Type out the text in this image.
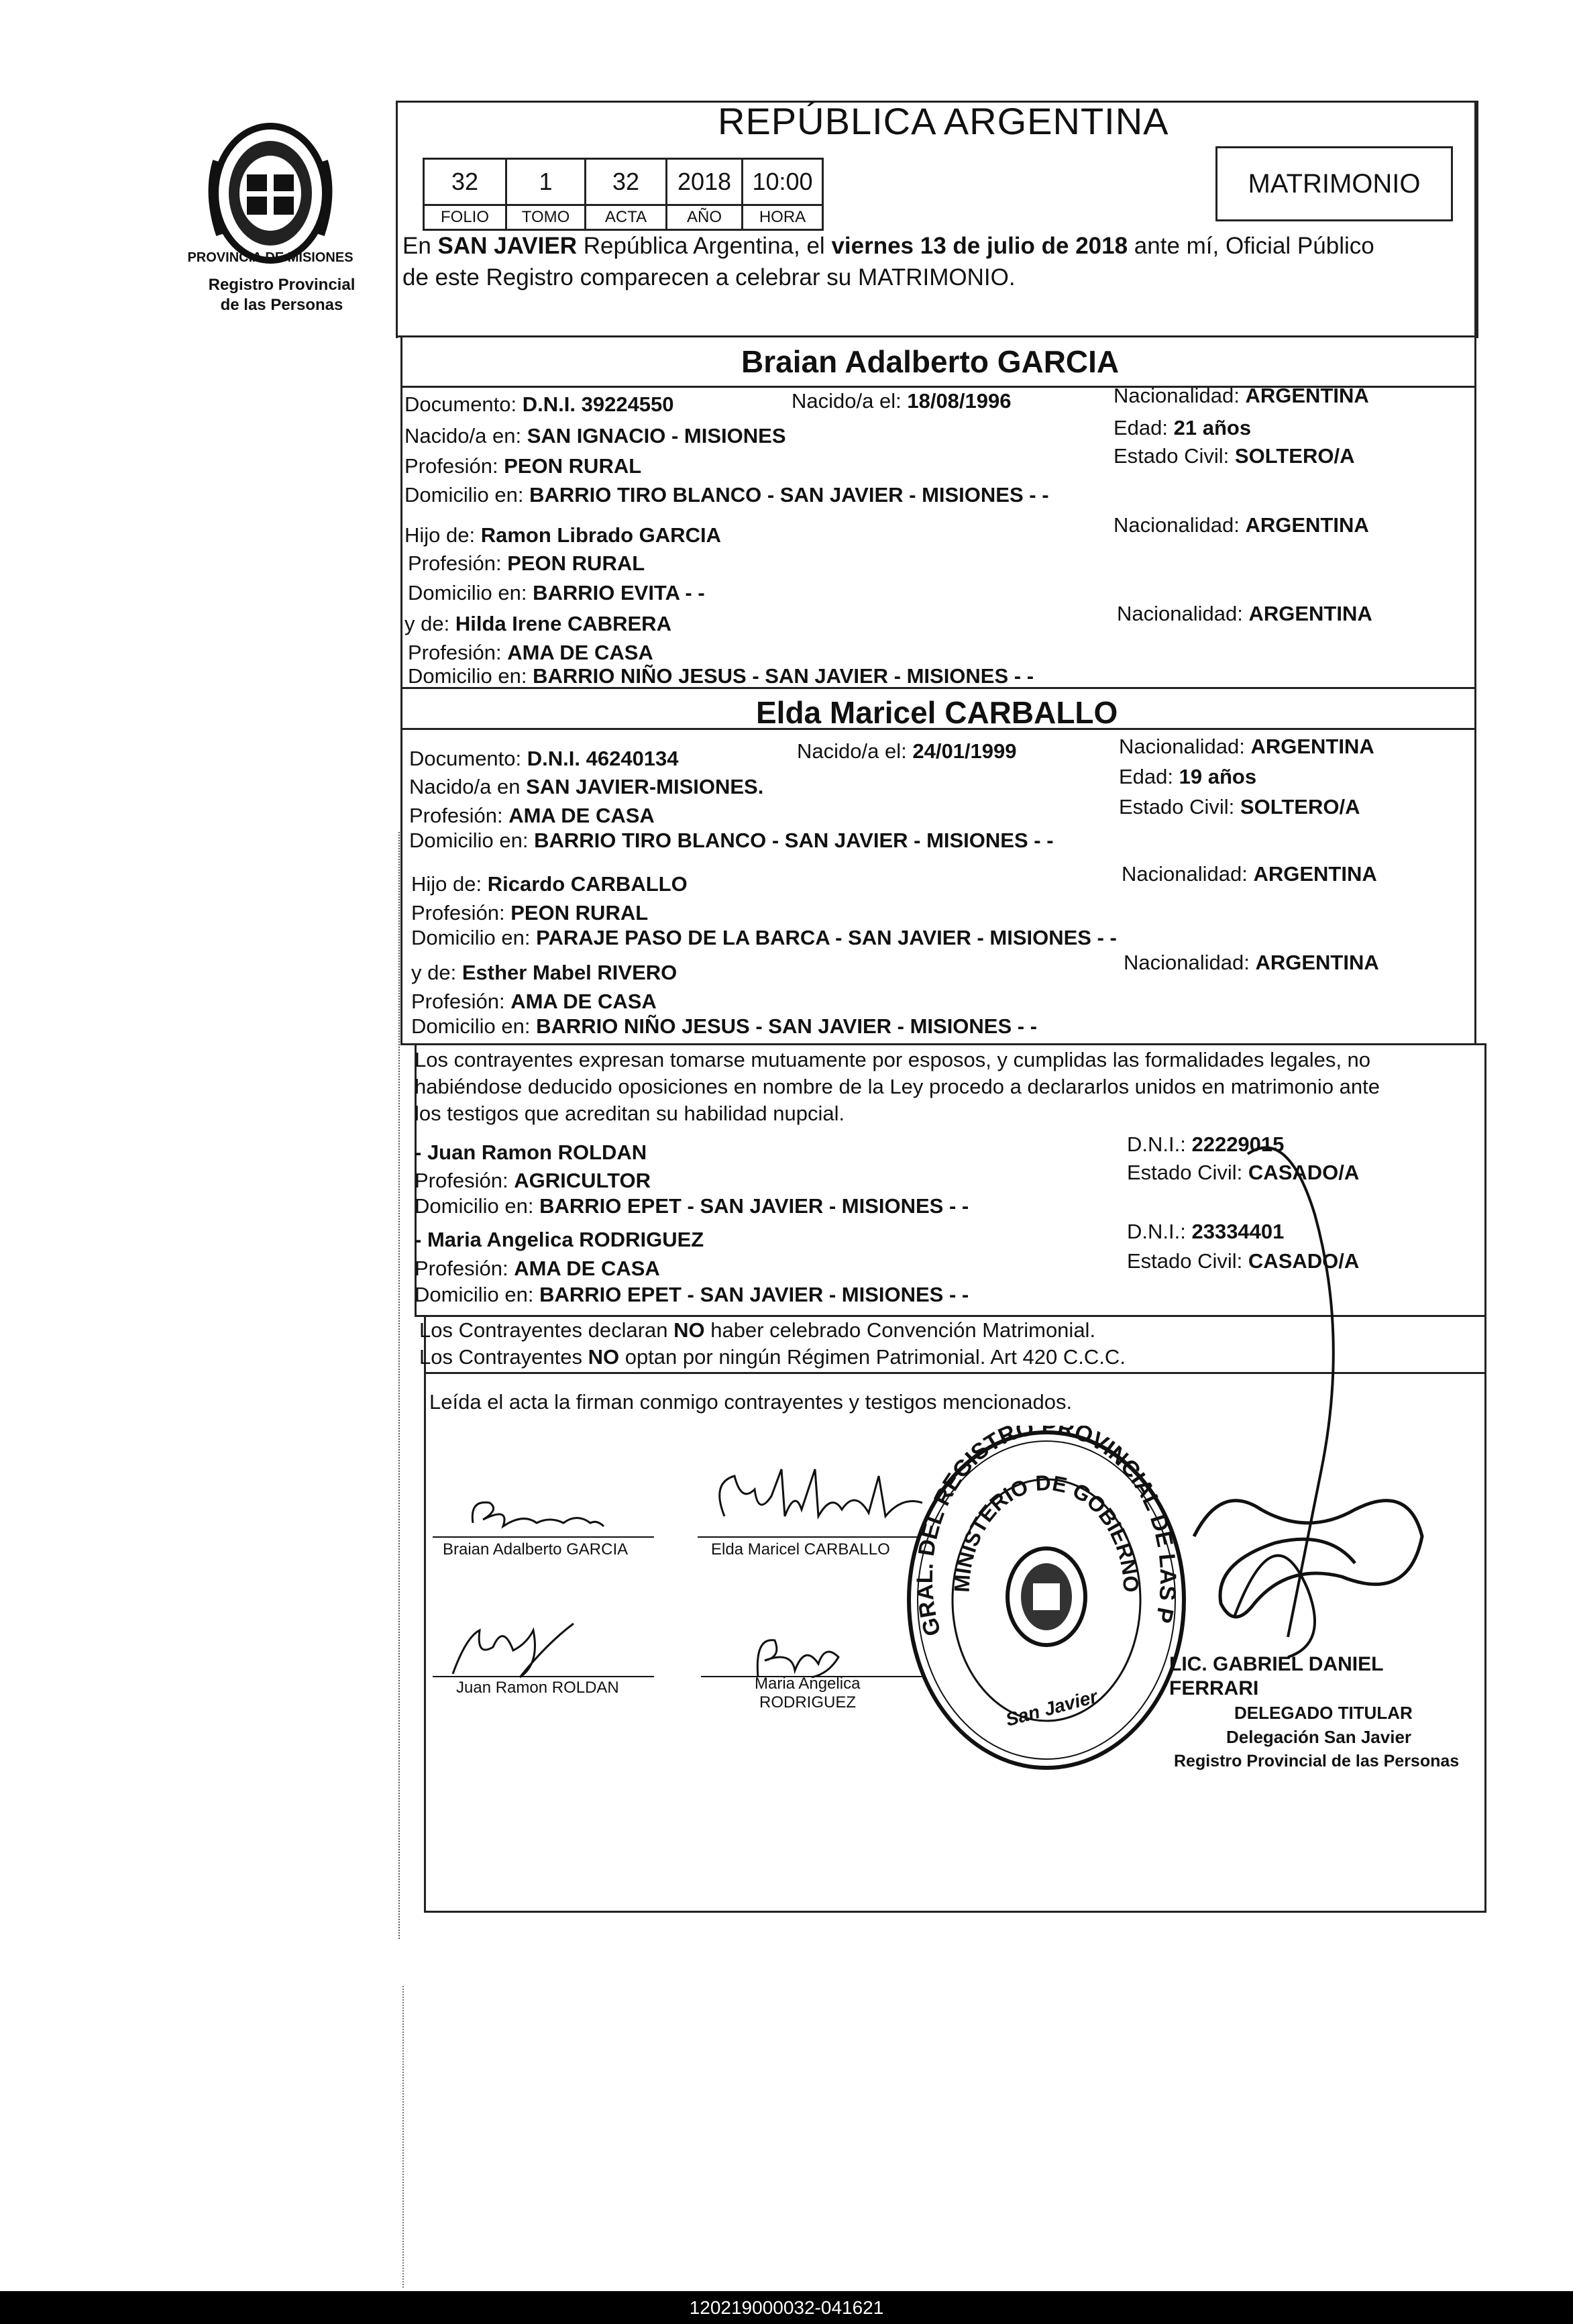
PROVINCIA DE MISIONES
Registro Provincial
de las Personas
REPÚBLICA ARGENTINA
32	1	32	2018	10:00
FOLIO	TOMO	ACTA	AÑO	HORA
MATRIMONIO
En SAN JAVIER República Argentina, el viernes 13 de julio de 2018 ante mí, Oficial Público
de este Registro comparecen a celebrar su MATRIMONIO.
Braian Adalberto GARCIA
Documento: D.N.I. 39224550	Nacido/a el: 18/08/1996	Nacionalidad: ARGENTINA
Nacido/a en: SAN IGNACIO - MISIONES	Edad: 21 años
Profesión: PEON RURAL	Estado Civil: SOLTERO/A
Domicilio en: BARRIO TIRO BLANCO - SAN JAVIER - MISIONES - -
Hijo de: Ramon Librado GARCIA	Nacionalidad: ARGENTINA
Profesión: PEON RURAL
Domicilio en: BARRIO EVITA - -
y de: Hilda Irene CABRERA	Nacionalidad: ARGENTINA
Profesión: AMA DE CASA
Domicilio en: BARRIO NIÑO JESUS - SAN JAVIER - MISIONES - -
Elda Maricel CARBALLO
Documento: D.N.I. 46240134	Nacido/a el: 24/01/1999	Nacionalidad: ARGENTINA
Nacido/a en SAN JAVIER-MISIONES.	Edad: 19 años
Profesión: AMA DE CASA	Estado Civil: SOLTERO/A
Domicilio en: BARRIO TIRO BLANCO - SAN JAVIER - MISIONES - -
Hijo de: Ricardo CARBALLO	Nacionalidad: ARGENTINA
Profesión: PEON RURAL
Domicilio en: PARAJE PASO DE LA BARCA - SAN JAVIER - MISIONES - -
y de: Esther Mabel RIVERO	Nacionalidad: ARGENTINA
Profesión: AMA DE CASA
Domicilio en: BARRIO NIÑO JESUS - SAN JAVIER - MISIONES - -
Los contrayentes expresan tomarse mutuamente por esposos, y cumplidas las formalidades legales, no
habiéndose deducido oposiciones en nombre de la Ley procedo a declararlos unidos en matrimonio ante
los testigos que acreditan su habilidad nupcial.
- Juan Ramon ROLDAN	D.N.I.: 22229015
Profesión: AGRICULTOR	Estado Civil: CASADO/A
Domicilio en: BARRIO EPET - SAN JAVIER - MISIONES - -
- Maria Angelica RODRIGUEZ	D.N.I.: 23334401
Profesión: AMA DE CASA	Estado Civil: CASADO/A
Domicilio en: BARRIO EPET - SAN JAVIER - MISIONES - -
Los Contrayentes declaran NO haber celebrado Convención Matrimonial.
Los Contrayentes NO optan por ningún Régimen Patrimonial. Art 420 C.C.C.
Leída el acta la firman conmigo contrayentes y testigos mencionados.
Braian Adalberto GARCIA	Elda Maricel CARBALLO
Juan Ramon ROLDAN	Maria Angelica
RODRIGUEZ
GRAL. DEL REGISTRO PROVINCIAL DE LAS P
MINISTERIO DE GOBIERNO
San Javier
LIC. GABRIEL DANIEL FERRARI
DELEGADO TITULAR
Delegación San Javier
Registro Provincial de las Personas
120219000032-041621
